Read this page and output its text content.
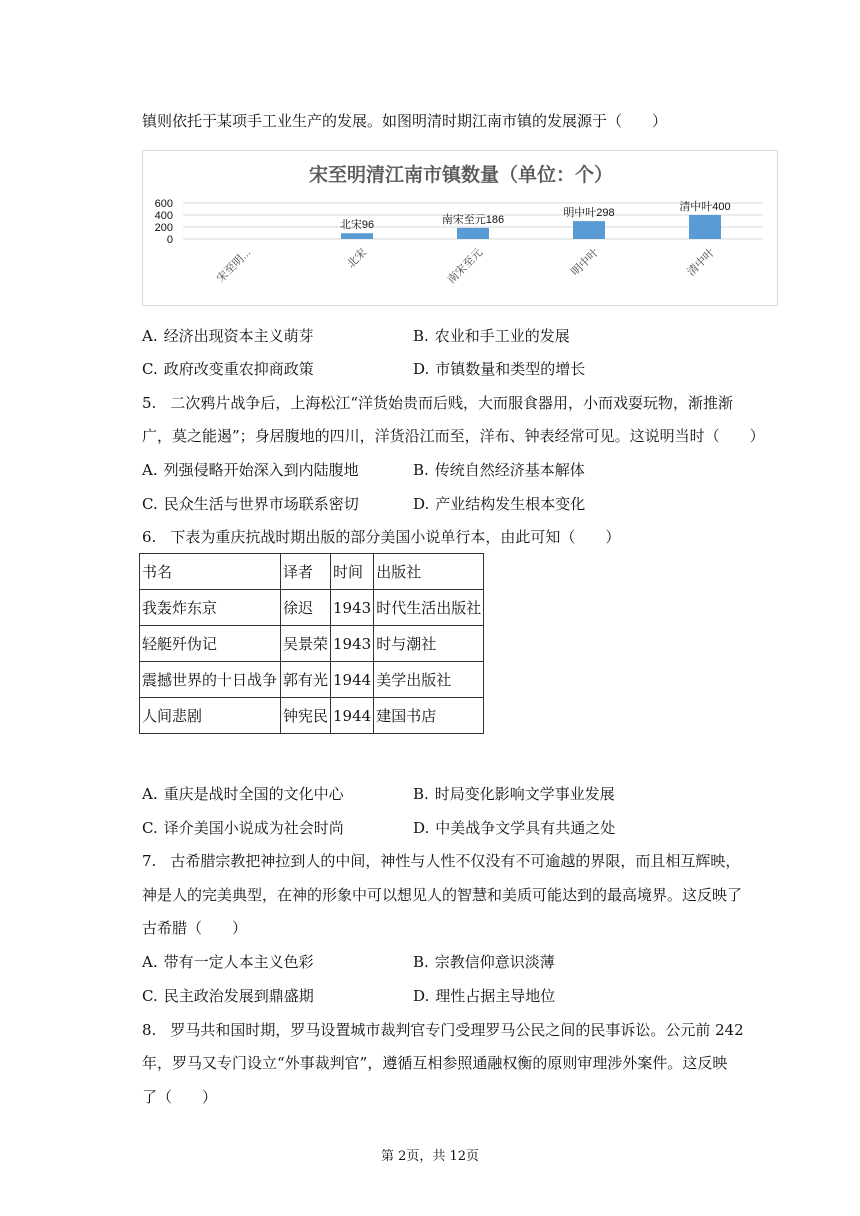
镇则依托于某项手工业生产的发展。如图明清时期江南市镇的发展源于（　　）
宋至明清江南市镇数量（单位：个）
600
400
200
0
北宋96	南宋至元186
明中叶298
清中叶400
宋至明...	北宋	南宋至元	明中叶	清中叶
A. 经济出现资本主义萌芽	B. 农业和手工业的发展
C. 政府改变重农抑商政策	D. 市镇数量和类型的增长
5. 二次鸦片战争后，上海松江“洋货始贵而后贱，大而服食器用，小而戏耍玩物，渐推渐
广，莫之能遏”；身居腹地的四川，洋货沿江而至，洋布、钟表经常可见。这说明当时（　　）
A. 列强侵略开始深入到内陆腹地	B. 传统自然经济基本解体
C. 民众生活与世界市场联系密切	D. 产业结构发生根本变化
6. 下表为重庆抗战时期出版的部分美国小说单行本，由此可知（　　）
书名	译者	时间	出版社
我轰炸东京	徐迟	1943	时代生活出版社
轻艇歼伪记	吴景荣	1943	时与潮社
震撼世界的十日战争	郭有光	1944	美学出版社
人间悲剧	钟宪民	1944	建国书店
A. 重庆是战时全国的文化中心	B. 时局变化影响文学事业发展
C. 译介美国小说成为社会时尚	D. 中美战争文学具有共通之处
7. 古希腊宗教把神拉到人的中间，神性与人性不仅没有不可逾越的界限，而且相互辉映，
神是人的完美典型，在神的形象中可以想见人的智慧和美质可能达到的最高境界。这反映了
古希腊（　　）
A. 带有一定人本主义色彩	B. 宗教信仰意识淡薄
C. 民主政治发展到鼎盛期	D. 理性占据主导地位
8. 罗马共和国时期，罗马设置城市裁判官专门受理罗马公民之间的民事诉讼。公元前 242
年，罗马又专门设立“外事裁判官”，遵循互相参照通融权衡的原则审理涉外案件。这反映
了（　　）
第 2页，共 12页
